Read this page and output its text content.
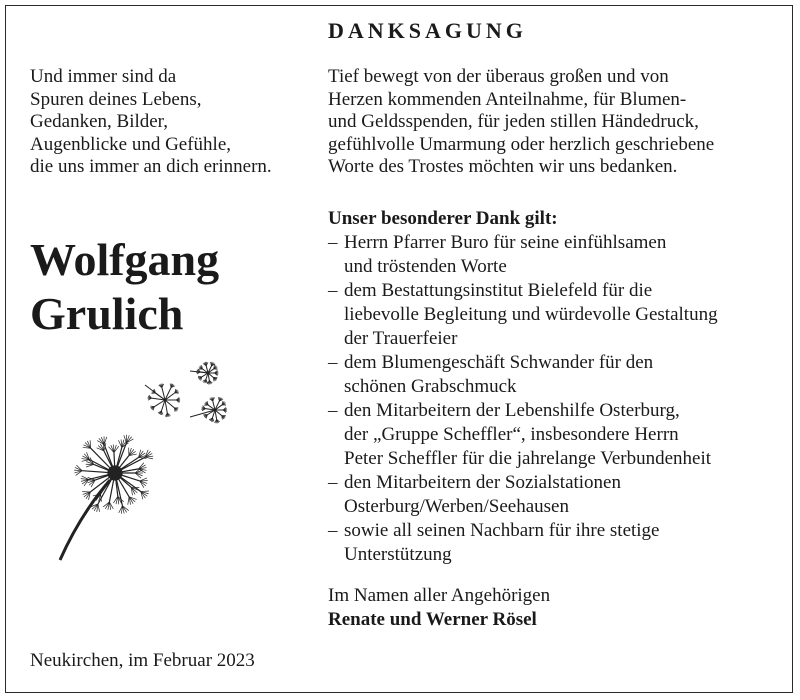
DANKSAGUNG
Und immer sind da
Spuren deines Lebens,
Gedanken, Bilder,
Augenblicke und Gefühle,
die uns immer an dich erinnern.
Wolfgang
Grulich
Neukirchen, im Februar 2023
Tief bewegt von der überaus großen und von
Herzen kommenden Anteilnahme, für Blumen-
und Geldsspenden, für jeden stillen Händedruck,
gefühlvolle Umarmung oder herzlich geschriebene
Worte des Trostes möchten wir uns bedanken.
Unser besonderer Dank gilt:
– Herrn Pfarrer Buro für seine einfühlsamen
und tröstenden Worte
– dem Bestattungsinstitut Bielefeld für die
liebevolle Begleitung und würdevolle Gestaltung
der Trauerfeier
– dem Blumengeschäft Schwander für den
schönen Grabschmuck
– den Mitarbeitern der Lebenshilfe Osterburg,
der „Gruppe Scheffler“, insbesondere Herrn
Peter Scheffler für die jahrelange Verbundenheit
– den Mitarbeitern der Sozialstationen
Osterburg/Werben/Seehausen
– sowie all seinen Nachbarn für ihre stetige
Unterstützung
Im Namen aller Angehörigen
Renate und Werner Rösel
